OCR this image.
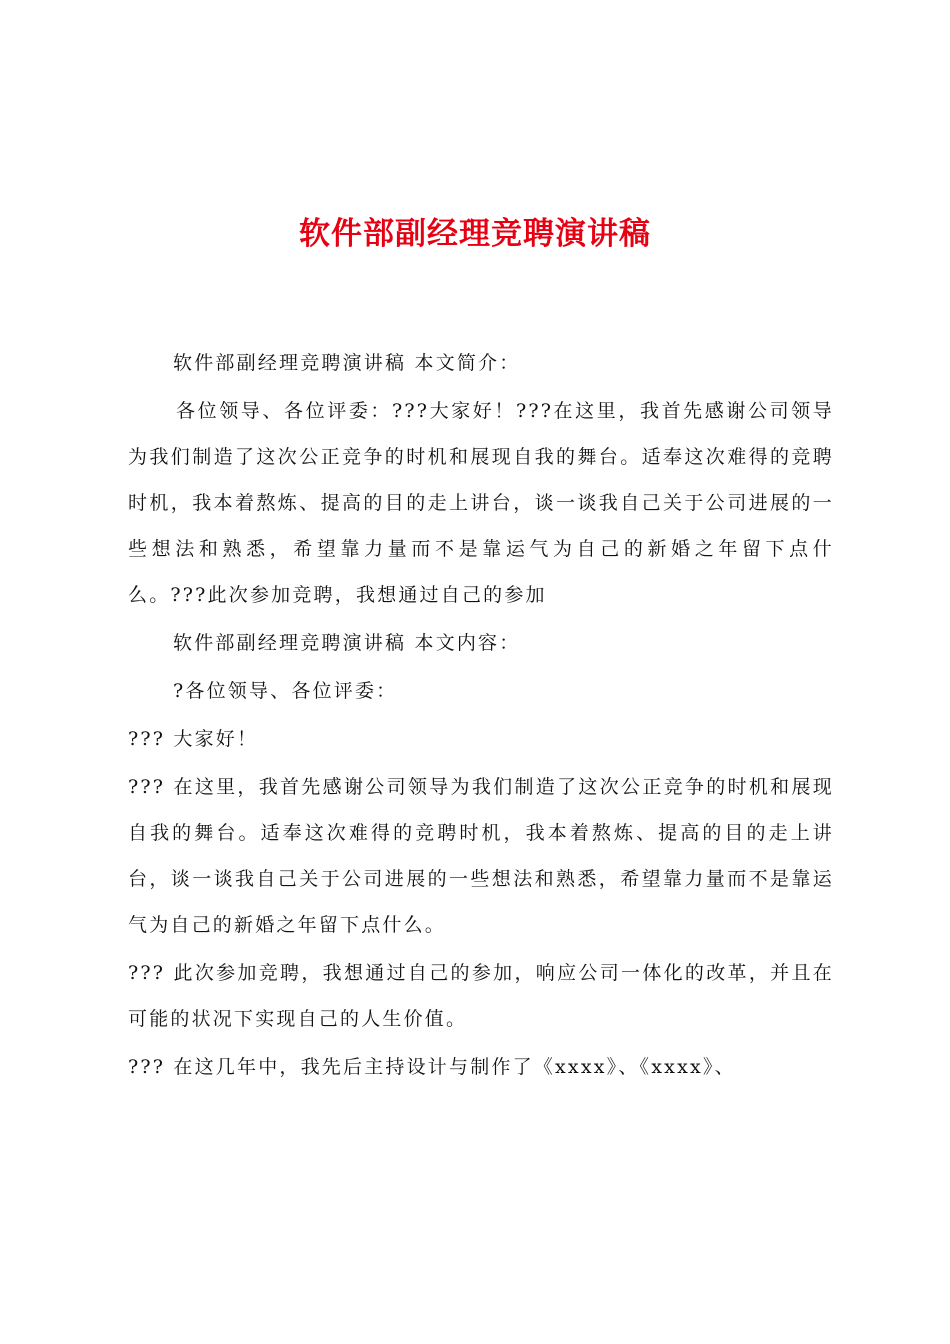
软件部副经理竞聘演讲稿

软件部副经理竞聘演讲稿 本文简介：

各位领导、各位评委：???大家好！???在这里，我首先感谢公司领导为我们制造了这次公正竞争的时机和展现自我的舞台。适奉这次难得的竞聘时机，我本着熬炼、提高的目的走上讲台，谈一谈我自己关于公司进展的一些想法和熟悉，希望靠力量而不是靠运气为自己的新婚之年留下点什么。???此次参加竞聘，我想通过自己的参加

软件部副经理竞聘演讲稿 本文内容：

?各位领导、各位评委：

??? 大家好！

??? 在这里，我首先感谢公司领导为我们制造了这次公正竞争的时机和展现自我的舞台。适奉这次难得的竞聘时机，我本着熬炼、提高的目的走上讲台，谈一谈我自己关于公司进展的一些想法和熟悉，希望靠力量而不是靠运气为自己的新婚之年留下点什么。

??? 此次参加竞聘，我想通过自己的参加，响应公司一体化的改革，并且在可能的状况下实现自己的人生价值。

??? 在这几年中，我先后主持设计与制作了《xxxx》、《xxxx》、
